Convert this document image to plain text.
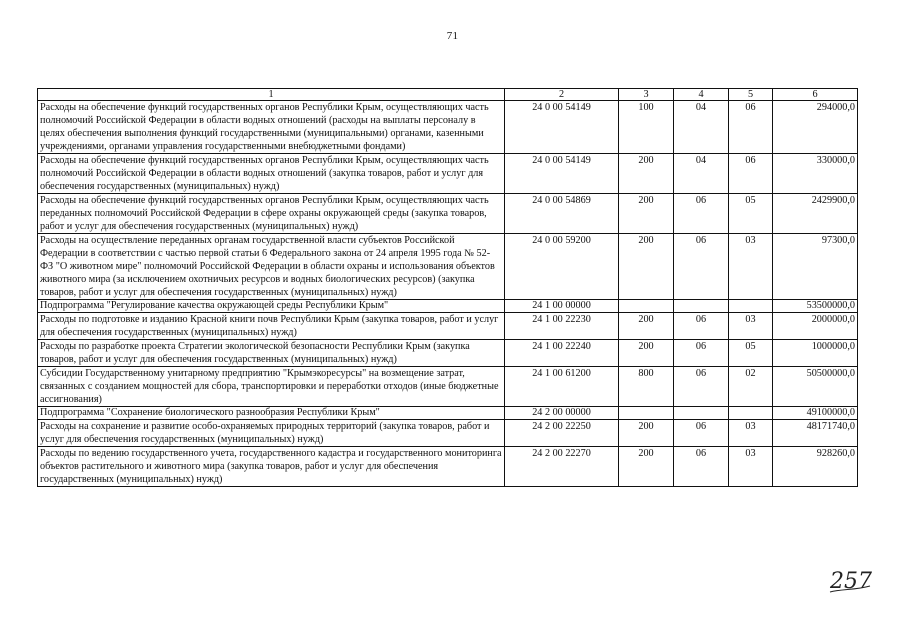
71
1	2	3	4	5	6
Расходы на обеспечение функций государственных органов Республики Крым, осуществляющих часть полномочий Российской Федерации в области водных отношений (расходы на выплаты персоналу в целях обеспечения выполнения функций государственными (муниципальными) органами, казенными учреждениями, органами управления государственными внебюджетными фондами)	24 0 00 54149	100	04	06	294000,0
Расходы на обеспечение функций государственных органов Республики Крым, осуществляющих часть полномочий Российской Федерации в области водных отношений (закупка товаров, работ и услуг для обеспечения государственных (муниципальных) нужд)	24 0 00 54149	200	04	06	330000,0
Расходы на обеспечение функций государственных органов Республики Крым, осуществляющих часть переданных полномочий Российской Федерации в сфере охраны окружающей среды (закупка товаров, работ и услуг для обеспечения государственных (муниципальных) нужд)	24 0 00 54869	200	06	05	2429900,0
Расходы на осуществление переданных органам государственной власти субъектов Российской Федерации в соответствии с частью первой статьи 6 Федерального закона от 24 апреля 1995 года № 52-ФЗ "О животном мире" полномочий Российской Федерации в области охраны и использования объектов животного мира (за исключением охотничьих ресурсов и водных биологических ресурсов) (закупка товаров, работ и услуг для обеспечения государственных (муниципальных) нужд)	24 0 00 59200	200	06	03	97300,0
Подпрограмма "Регулирование качества окружающей среды Республики Крым"	24 1 00 00000				53500000,0
Расходы по подготовке и изданию Красной книги почв Республики Крым (закупка товаров, работ и услуг для обеспечения государственных (муниципальных) нужд)	24 1 00 22230	200	06	03	2000000,0
Расходы по разработке проекта Стратегии экологической безопасности Республики Крым (закупка товаров, работ и услуг для обеспечения государственных (муниципальных) нужд)	24 1 00 22240	200	06	05	1000000,0
Субсидии Государственному унитарному предприятию "Крымэкоресурсы" на возмещение затрат, связанных с созданием мощностей для сбора, транспортировки и переработки отходов (иные бюджетные ассигнования)	24 1 00 61200	800	06	02	50500000,0
Подпрограмма "Сохранение биологического разнообразия Республики Крым"	24 2 00 00000				49100000,0
Расходы на сохранение и развитие особо-охраняемых природных территорий (закупка товаров, работ и услуг для обеспечения государственных (муниципальных) нужд)	24 2 00 22250	200	06	03	48171740,0
Расходы по ведению государственного учета, государственного кадастра и государственного мониторинга объектов растительного и животного мира (закупка товаров, работ и услуг для обеспечения государственных (муниципальных) нужд)	24 2 00 22270	200	06	03	928260,0
257
